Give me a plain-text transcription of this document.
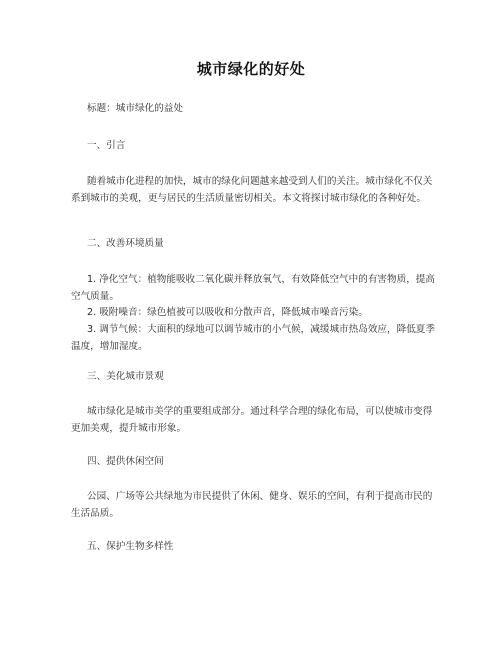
城市绿化的好处
标题：城市绿化的益处
一、引言
随着城市化进程的加快，城市的绿化问题越来越受到人们的关注。城市绿化不仅关系到城市的美观，更与居民的生活质量密切相关。本文将探讨城市绿化的各种好处。
二、改善环境质量
1. 净化空气：植物能吸收二氧化碳并释放氧气，有效降低空气中的有害物质，提高空气质量。
2. 吸附噪音：绿色植被可以吸收和分散声音，降低城市噪音污染。
3. 调节气候：大面积的绿地可以调节城市的小气候，减缓城市热岛效应，降低夏季温度，增加湿度。
三、美化城市景观
城市绿化是城市美学的重要组成部分。通过科学合理的绿化布局，可以使城市变得更加美观，提升城市形象。
四、提供休闲空间
公园、广场等公共绿地为市民提供了休闲、健身、娱乐的空间，有利于提高市民的生活品质。
五、保护生物多样性
